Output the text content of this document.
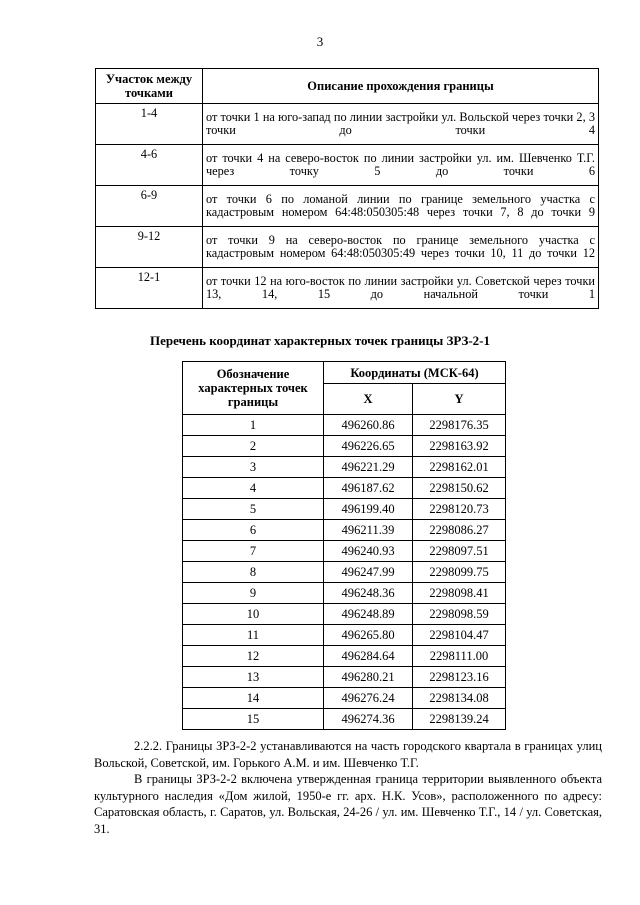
3
Участок между точками	Описание прохождения границы
1-4	от точки 1 на юго-запад по линии застройки ул. Вольской через точки 2, 3 точки до точки 4
4-6	от точки 4 на северо-восток по линии застройки ул. им. Шевченко Т.Г. через точку 5 до точки 6
6-9	от точки 6 по ломаной линии по границе земельного участка с кадастровым номером 64:48:050305:48 через точки 7, 8 до точки 9
9-12	от точки 9 на северо-восток по границе земельного участка с кадастровым номером 64:48:050305:49 через точки 10, 11 до точки 12
12-1	от точки 12 на юго-восток по линии застройки ул. Советской через точки 13, 14, 15 до начальной точки 1
Перечень координат характерных точек границы ЗРЗ-2-1
Обозначение характерных точек границы	Координаты (МСК-64)	
	X	Y
1	496260.86	2298176.35
2	496226.65	2298163.92
3	496221.29	2298162.01
4	496187.62	2298150.62
5	496199.40	2298120.73
6	496211.39	2298086.27
7	496240.93	2298097.51
8	496247.99	2298099.75
9	496248.36	2298098.41
10	496248.89	2298098.59
11	496265.80	2298104.47
12	496284.64	2298111.00
13	496280.21	2298123.16
14	496276.24	2298134.08
15	496274.36	2298139.24

2.2.2. Границы ЗРЗ-2-2 устанавливаются на часть городского квартала в границах улиц Вольской, Советской, им. Горького А.М. и им. Шевченко Т.Г.

В границы ЗРЗ-2-2 включена утвержденная граница территории выявленного объекта культурного наследия «Дом жилой, 1950-е гг. арх. Н.К. Усов», расположенного по адресу: Саратовская область, г. Саратов, ул. Вольская, 24-26 / ул. им. Шевченко Т.Г., 14 / ул. Советская, 31.
